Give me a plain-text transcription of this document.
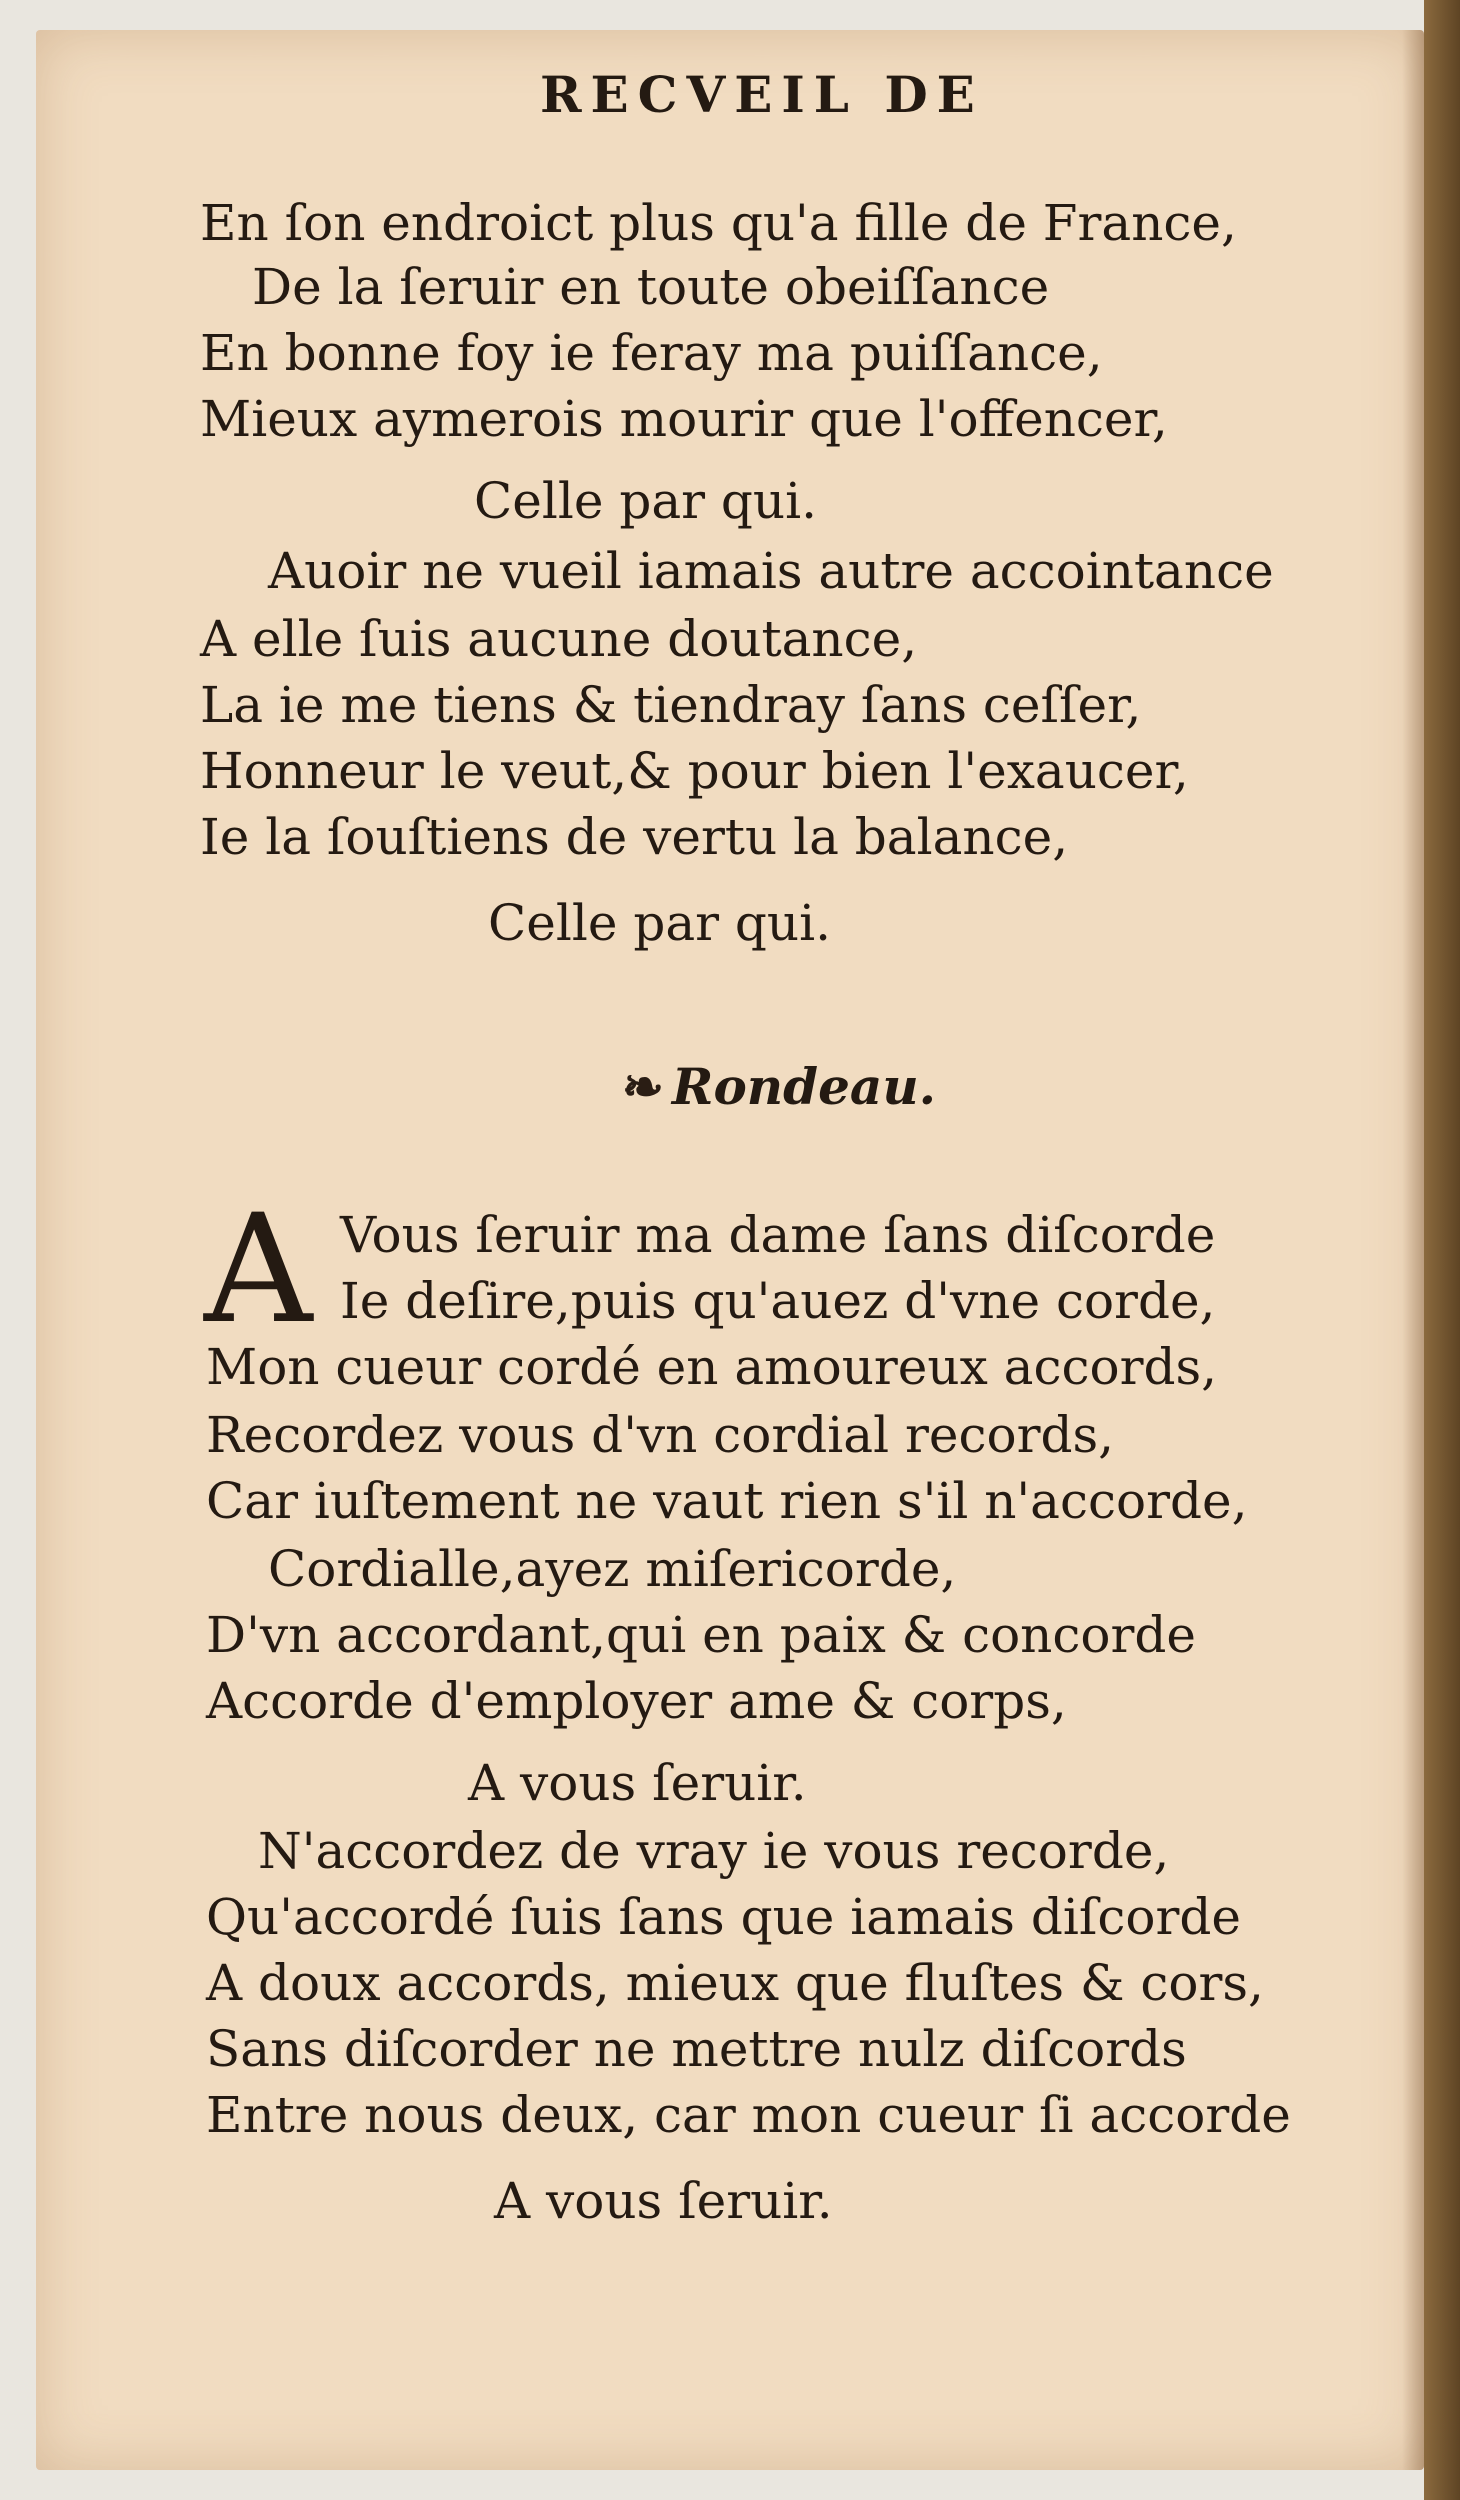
RECVEIL DE
En ſon endroict plus qu'a fille de France,
De la ſeruir en toute obeiſſance
En bonne foy ie feray ma puiſſance,
Mieux aymerois mourir que l'offencer,
Celle par qui.
Auoir ne vueil iamais autre accointance
A elle ſuis aucune doutance,
La ie me tiens & tiendray ſans ceſſer,
Honneur le veut,& pour bien l'exaucer,
Ie la ſouſtiens de vertu la balance,
Celle par qui.
❧ Rondeau.
A Vous ſeruir ma dame ſans diſcorde
Ie deſire,puis qu'auez d'vne corde,
Mon cueur cordé en amoureux accords,
Recordez vous d'vn cordial records,
Car iuſtement ne vaut rien s'il n'accorde,
Cordialle,ayez miſericorde,
D'vn accordant,qui en paix & concorde
Accorde d'employer ame & corps,
A vous ſeruir.
N'accordez de vray ie vous recorde,
Qu'accordé ſuis ſans que iamais diſcorde
A doux accords, mieux que fluſtes & cors,
Sans diſcorder ne mettre nulz diſcords
Entre nous deux, car mon cueur ſi accorde
A vous ſeruir.
